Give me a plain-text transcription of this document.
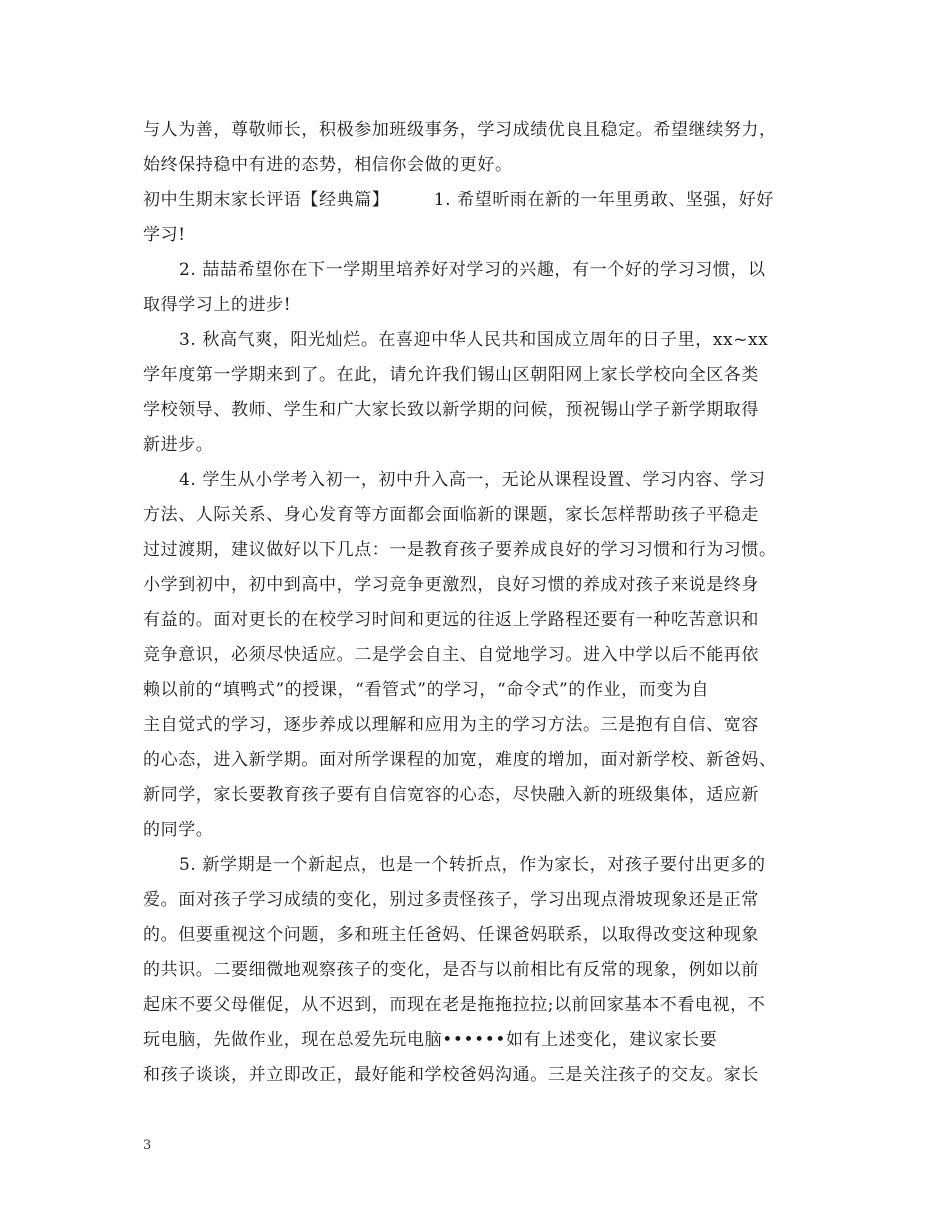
与人为善，尊敬师长，积极参加班级事务，学习成绩优良且稳定。希望继续努力，
始终保持稳中有进的态势，相信你会做的更好。
初中生期末家长评语【经典篇】　　　1. 希望昕雨在新的一年里勇敢、坚强，好好
学习!
2. 喆喆希望你在下一学期里培养好对学习的兴趣，有一个好的学习习惯，以
取得学习上的进步!
3. 秋高气爽，阳光灿烂。在喜迎中华人民共和国成立周年的日子里，xx~xx
学年度第一学期来到了。在此，请允许我们锡山区朝阳网上家长学校向全区各类
学校领导、教师、学生和广大家长致以新学期的问候，预祝锡山学子新学期取得
新进步。
4. 学生从小学考入初一，初中升入高一，无论从课程设置、学习内容、学习
方法、人际关系、身心发育等方面都会面临新的课题，家长怎样帮助孩子平稳走
过过渡期，建议做好以下几点：一是教育孩子要养成良好的学习习惯和行为习惯。
小学到初中，初中到高中，学习竞争更激烈，良好习惯的养成对孩子来说是终身
有益的。面对更长的在校学习时间和更远的往返上学路程还要有一种吃苦意识和
竞争意识，必须尽快适应。二是学会自主、自觉地学习。进入中学以后不能再依
赖以前的“填鸭式”的授课，“看管式”的学习，“命令式”的作业，而变为自
主自觉式的学习，逐步养成以理解和应用为主的学习方法。三是抱有自信、宽容
的心态，进入新学期。面对所学课程的加宽，难度的增加，面对新学校、新爸妈、
新同学，家长要教育孩子要有自信宽容的心态，尽快融入新的班级集体，适应新
的同学。
5. 新学期是一个新起点，也是一个转折点，作为家长，对孩子要付出更多的
爱。面对孩子学习成绩的变化，别过多责怪孩子，学习出现点滑坡现象还是正常
的。但要重视这个问题，多和班主任爸妈、任课爸妈联系，以取得改变这种现象
的共识。二要细微地观察孩子的变化，是否与以前相比有反常的现象，例如以前
起床不要父母催促，从不迟到，而现在老是拖拖拉拉;以前回家基本不看电视，不
玩电脑，先做作业，现在总爱先玩电脑••••••如有上述变化，建议家长要
和孩子谈谈，并立即改正，最好能和学校爸妈沟通。三是关注孩子的交友。家长
3
